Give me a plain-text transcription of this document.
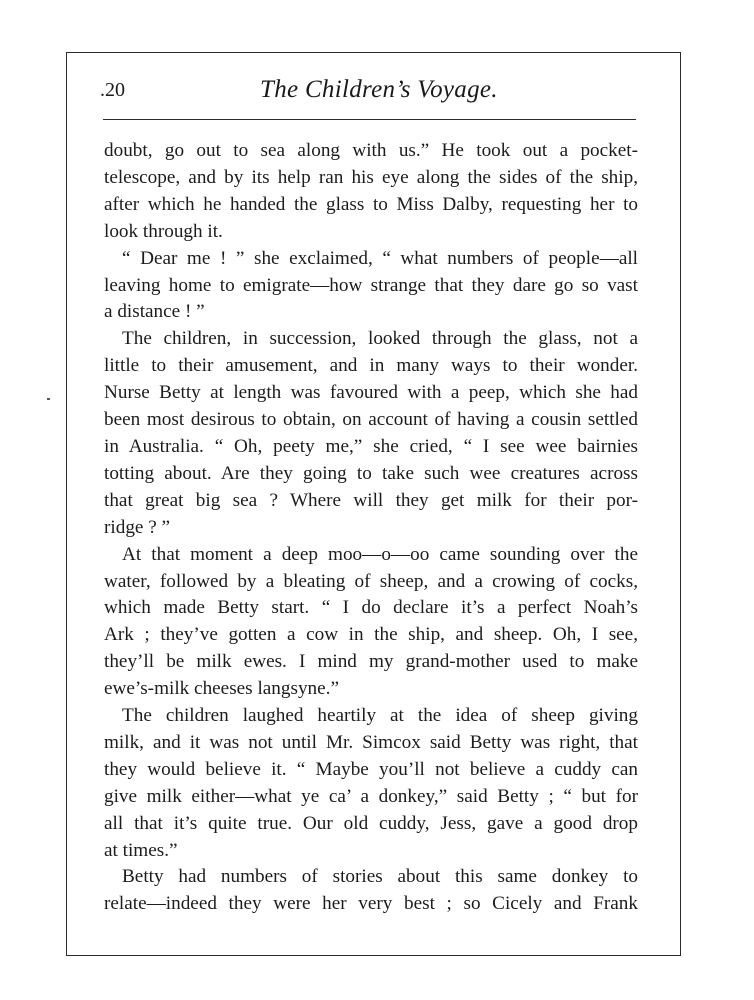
.20	The Children’s Voyage.

doubt, go out to sea along with us.” He took out a pocket-
telescope, and by its help ran his eye along the sides of the ship,
after which he handed the glass to Miss Dalby, requesting her to
look through it.

“ Dear me ! ” she exclaimed, “ what numbers of people—all
leaving home to emigrate—how strange that they dare go so vast
a distance ! ”

The children, in succession, looked through the glass, not a
little to their amusement, and in many ways to their wonder.
Nurse Betty at length was favoured with a peep, which she had
been most desirous to obtain, on account of having a cousin settled
in Australia. “ Oh, peety me,” she cried, “ I see wee bairnies
totting about. Are they going to take such wee creatures across
that great big sea ? Where will they get milk for their por-
ridge ? ”

At that moment a deep moo—o—oo came sounding over the
water, followed by a bleating of sheep, and a crowing of cocks,
which made Betty start. “ I do declare it’s a perfect Noah’s
Ark ; they’ve gotten a cow in the ship, and sheep. Oh, I see,
they’ll be milk ewes. I mind my grand-mother used to make
ewe’s-milk cheeses langsyne.”

The children laughed heartily at the idea of sheep giving
milk, and it was not until Mr. Simcox said Betty was right, that
they would believe it. “ Maybe you’ll not believe a cuddy can
give milk either—what ye ca’ a donkey,” said Betty ; “ but for
all that it’s quite true. Our old cuddy, Jess, gave a good drop
at times.”

Betty had numbers of stories about this same donkey to
relate—indeed they were her very best ; so Cicely and Frank
